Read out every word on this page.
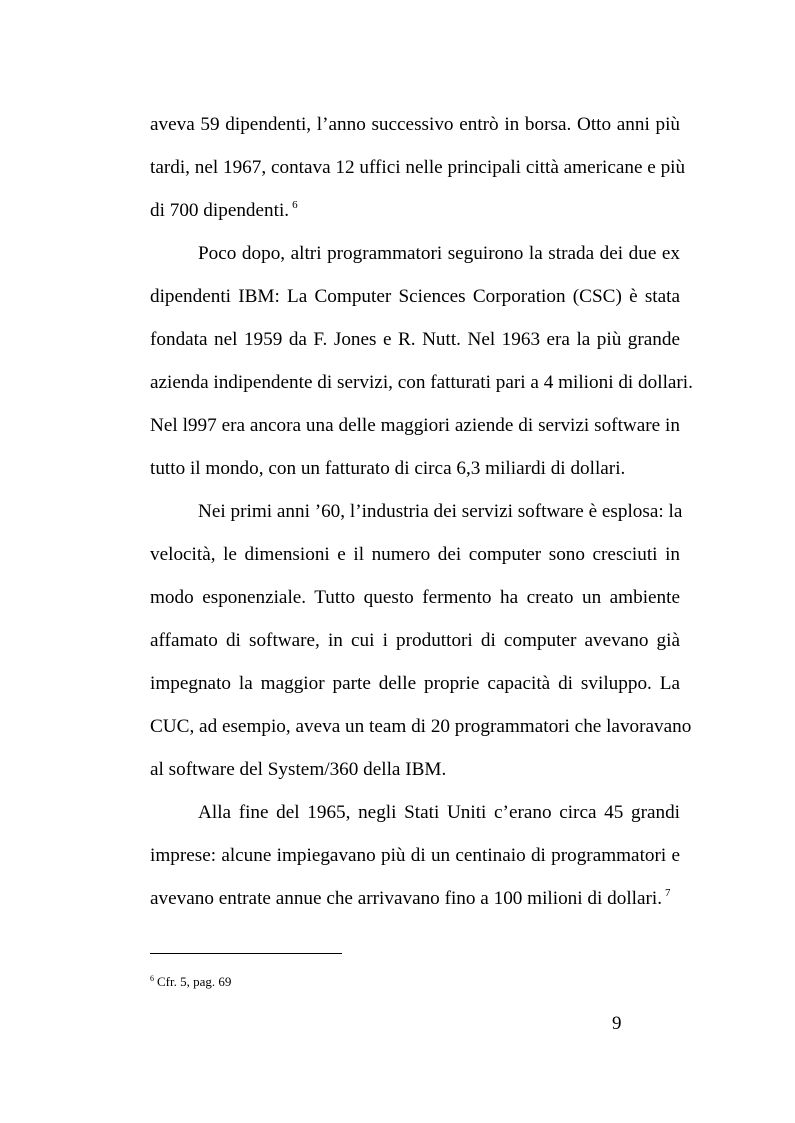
aveva 59 dipendenti, l’anno successivo entrò in borsa. Otto anni più
tardi, nel 1967, contava 12 uffici nelle principali città americane e più
di 700 dipendenti. $^6$
Poco dopo, altri programmatori seguirono la strada dei due ex
dipendenti IBM: La Computer Sciences Corporation (CSC) è stata
fondata nel 1959 da F. Jones e R. Nutt. Nel 1963 era la più grande
azienda indipendente di servizi, con fatturati pari a 4 milioni di dollari.
Nel l997 era ancora una delle maggiori aziende di servizi software in
tutto il mondo, con un fatturato di circa 6,3 miliardi di dollari.
Nei primi anni ’60, l’industria dei servizi software è esplosa: la
velocità, le dimensioni e il numero dei computer sono cresciuti in
modo esponenziale. Tutto questo fermento ha creato un ambiente
affamato di software, in cui i produttori di computer avevano già
impegnato la maggior parte delle proprie capacità di sviluppo. La
CUC, ad esempio, aveva un team di 20 programmatori che lavoravano
al software del System/360 della IBM.
Alla fine del 1965, negli Stati Uniti c’erano circa 45 grandi
imprese: alcune impiegavano più di un centinaio di programmatori e
avevano entrate annue che arrivavano fino a 100 milioni di dollari. $^7$
$^6$ Cfr. 5, pag. 69
9
